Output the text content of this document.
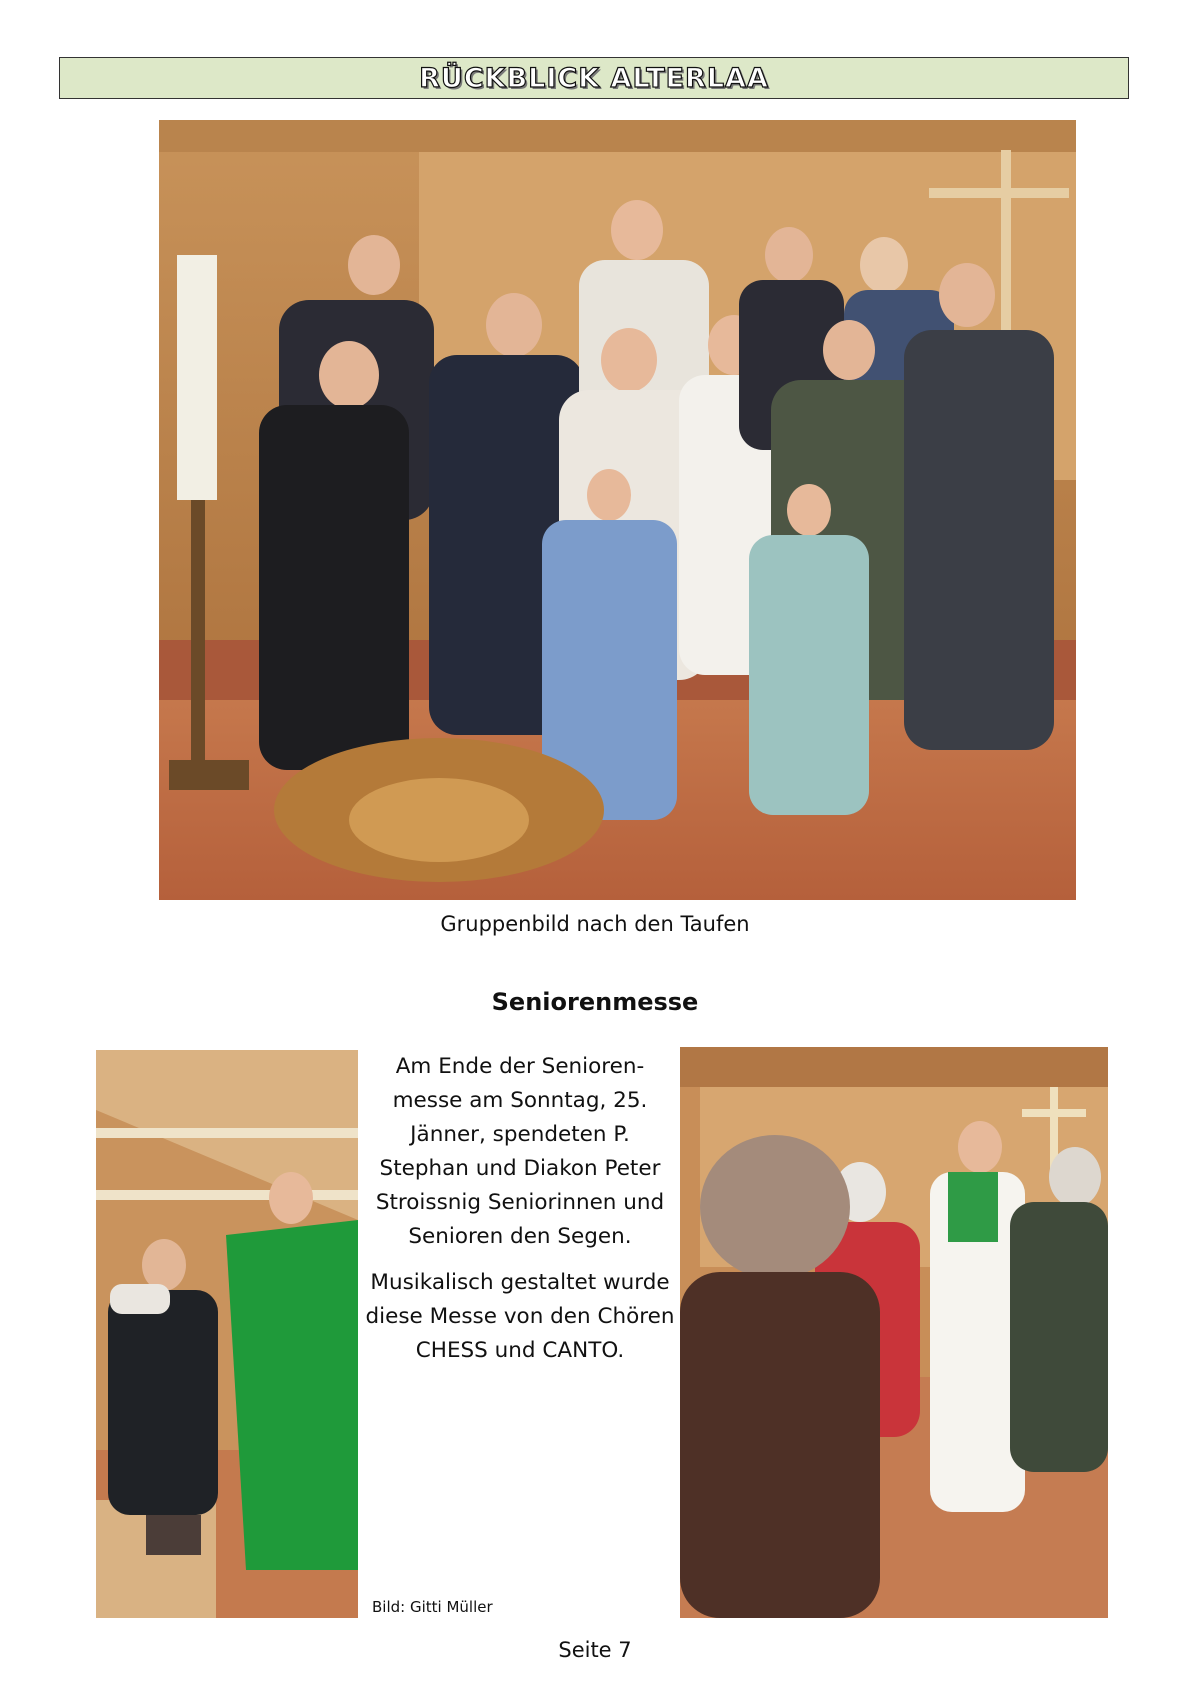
RÜCKBLICK ALTERLAA
Gruppenbild nach den Taufen
Seniorenmesse

Am Ende der Senioren-messe am Sonntag, 25. Jänner, spendeten P. Stephan und Diakon Peter Stroissnig Seniorinnen und Senioren den Segen.

Musikalisch gestaltet wurde diese Messe von den Chören CHESS und CANTO.

Bild: Gitti Müller
Seite 7
